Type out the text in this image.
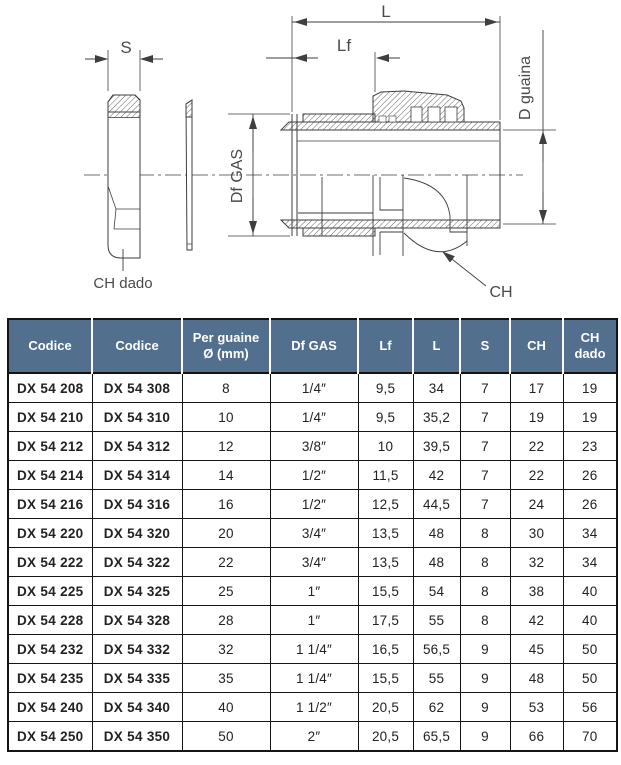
S
L
Lf
Df GAS
D guaina
CH
CH dado
Codice	Codice	Per guaine Ø (mm)	Df GAS	Lf	L	S	CH	CH dado
DX 54 208	DX 54 308	8	1/4″	9,5	34	7	17	19
DX 54 210	DX 54 310	10	1/4″	9,5	35,2	7	19	19
DX 54 212	DX 54 312	12	3/8″	10	39,5	7	22	23
DX 54 214	DX 54 314	14	1/2″	11,5	42	7	22	26
DX 54 216	DX 54 316	16	1/2″	12,5	44,5	7	24	26
DX 54 220	DX 54 320	20	3/4″	13,5	48	8	30	34
DX 54 222	DX 54 322	22	3/4″	13,5	48	8	32	34
DX 54 225	DX 54 325	25	1″	15,5	54	8	38	40
DX 54 228	DX 54 328	28	1″	17,5	55	8	42	40
DX 54 232	DX 54 332	32	1 1/4″	16,5	56,5	9	45	50
DX 54 235	DX 54 335	35	1 1/4″	15,5	55	9	48	50
DX 54 240	DX 54 340	40	1 1/2″	20,5	62	9	53	56
DX 54 250	DX 54 350	50	2″	20,5	65,5	9	66	70
